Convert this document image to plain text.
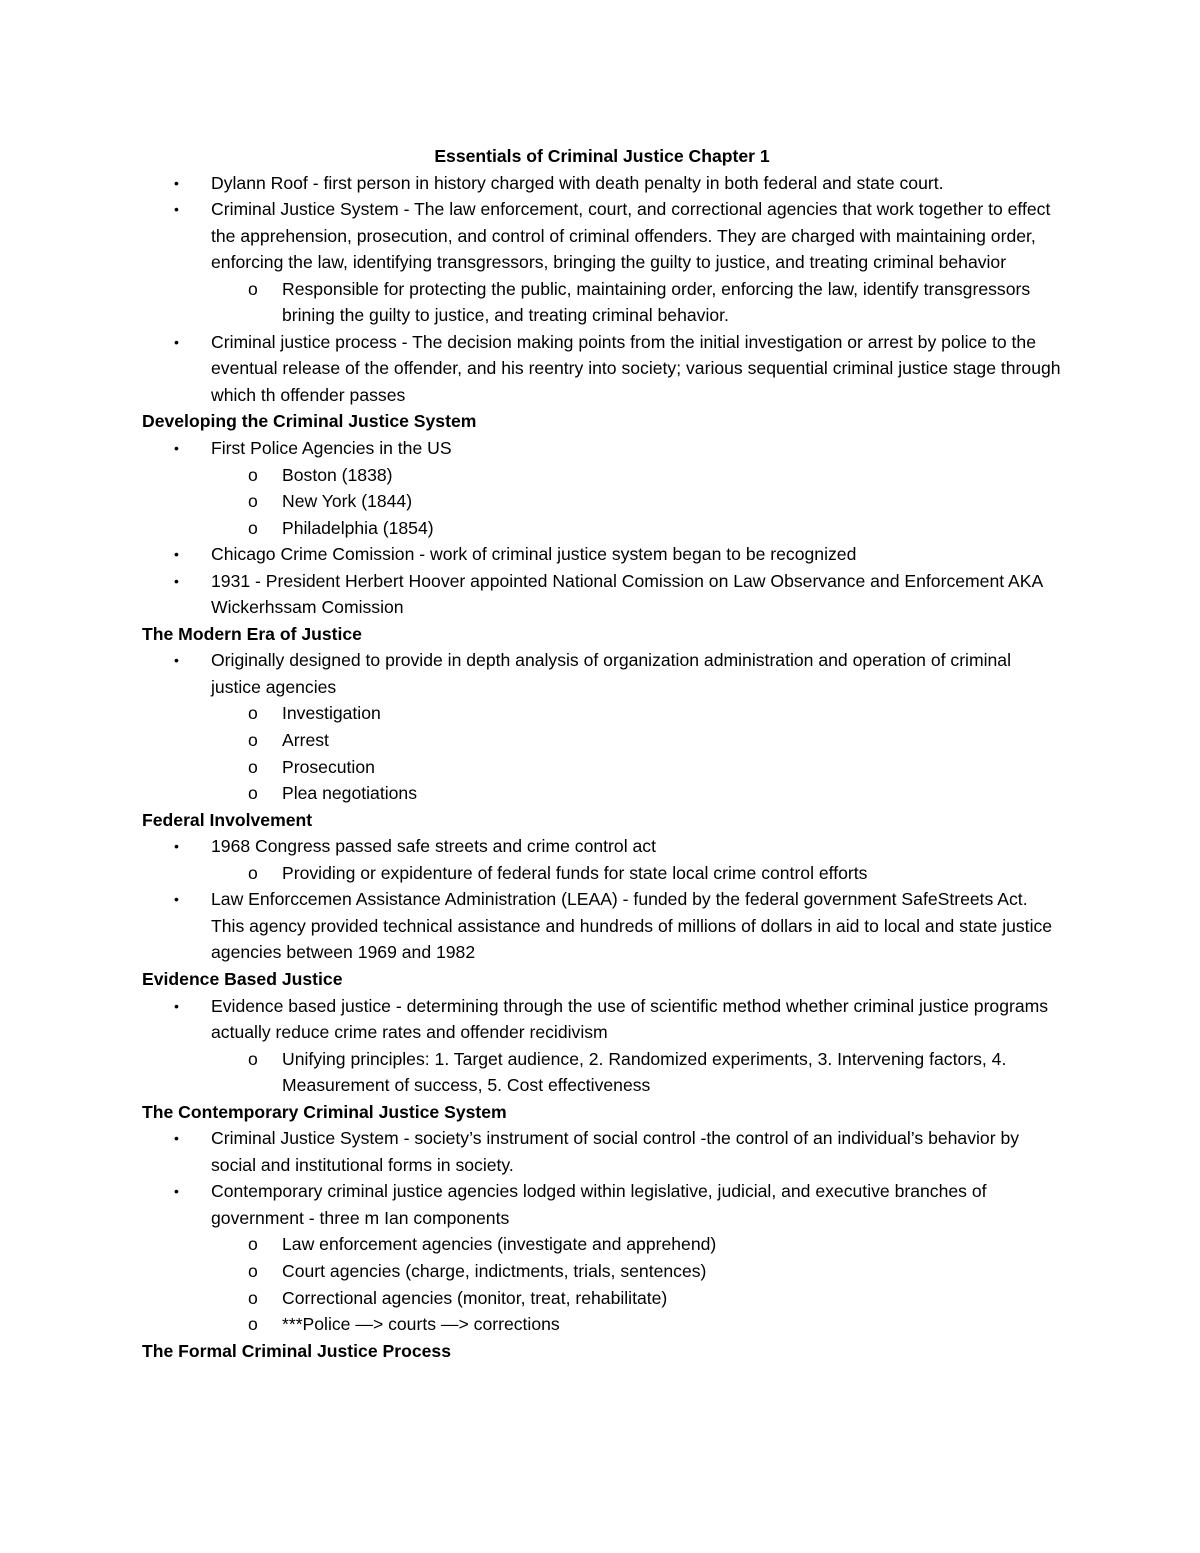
Essentials of Criminal Justice Chapter 1
• Dylann Roof - first person in history charged with death penalty in both federal and state court.
• Criminal Justice System - The law enforcement, court, and correctional agencies that work together to effect the apprehension, prosecution, and control of criminal offenders. They are charged with maintaining order, enforcing the law, identifying transgressors, bringing the guilty to justice, and treating criminal behavior
o Responsible for protecting the public, maintaining order, enforcing the law, identify transgressors brining the guilty to justice, and treating criminal behavior.
• Criminal justice process - The decision making points from the initial investigation or arrest by police to the eventual release of the offender, and his reentry into society; various sequential criminal justice stage through which th offender passes
Developing the Criminal Justice System
• First Police Agencies in the US
o Boston (1838)
o New York (1844)
o Philadelphia (1854)
• Chicago Crime Comission - work of criminal justice system began to be recognized
• 1931 - President Herbert Hoover appointed National Comission on Law Observance and Enforcement AKA Wickerhssam Comission
The Modern Era of Justice
• Originally designed to provide in depth analysis of organization administration and operation of criminal justice agencies
o Investigation
o Arrest
o Prosecution
o Plea negotiations
Federal Involvement
• 1968 Congress passed safe streets and crime control act
o Providing or expidenture of federal funds for state local crime control efforts
• Law Enforccemen Assistance Administration (LEAA) - funded by the federal government SafeStreets Act. This agency provided technical assistance and hundreds of millions of dollars in aid to local and state justice agencies between 1969 and 1982
Evidence Based Justice
• Evidence based justice - determining through the use of scientific method whether criminal justice programs actually reduce crime rates and offender recidivism
o Unifying principles: 1. Target audience, 2. Randomized experiments, 3. Intervening factors, 4. Measurement of success, 5. Cost effectiveness
The Contemporary Criminal Justice System
• Criminal Justice System - society’s instrument of social control -the control of an individual’s behavior by social and institutional forms in society.
• Contemporary criminal justice agencies lodged within legislative, judicial, and executive branches of government - three m Ian components
o Law enforcement agencies (investigate and apprehend)
o Court agencies (charge, indictments, trials, sentences)
o Correctional agencies (monitor, treat, rehabilitate)
o ***Police —> courts —> corrections
The Formal Criminal Justice Process
